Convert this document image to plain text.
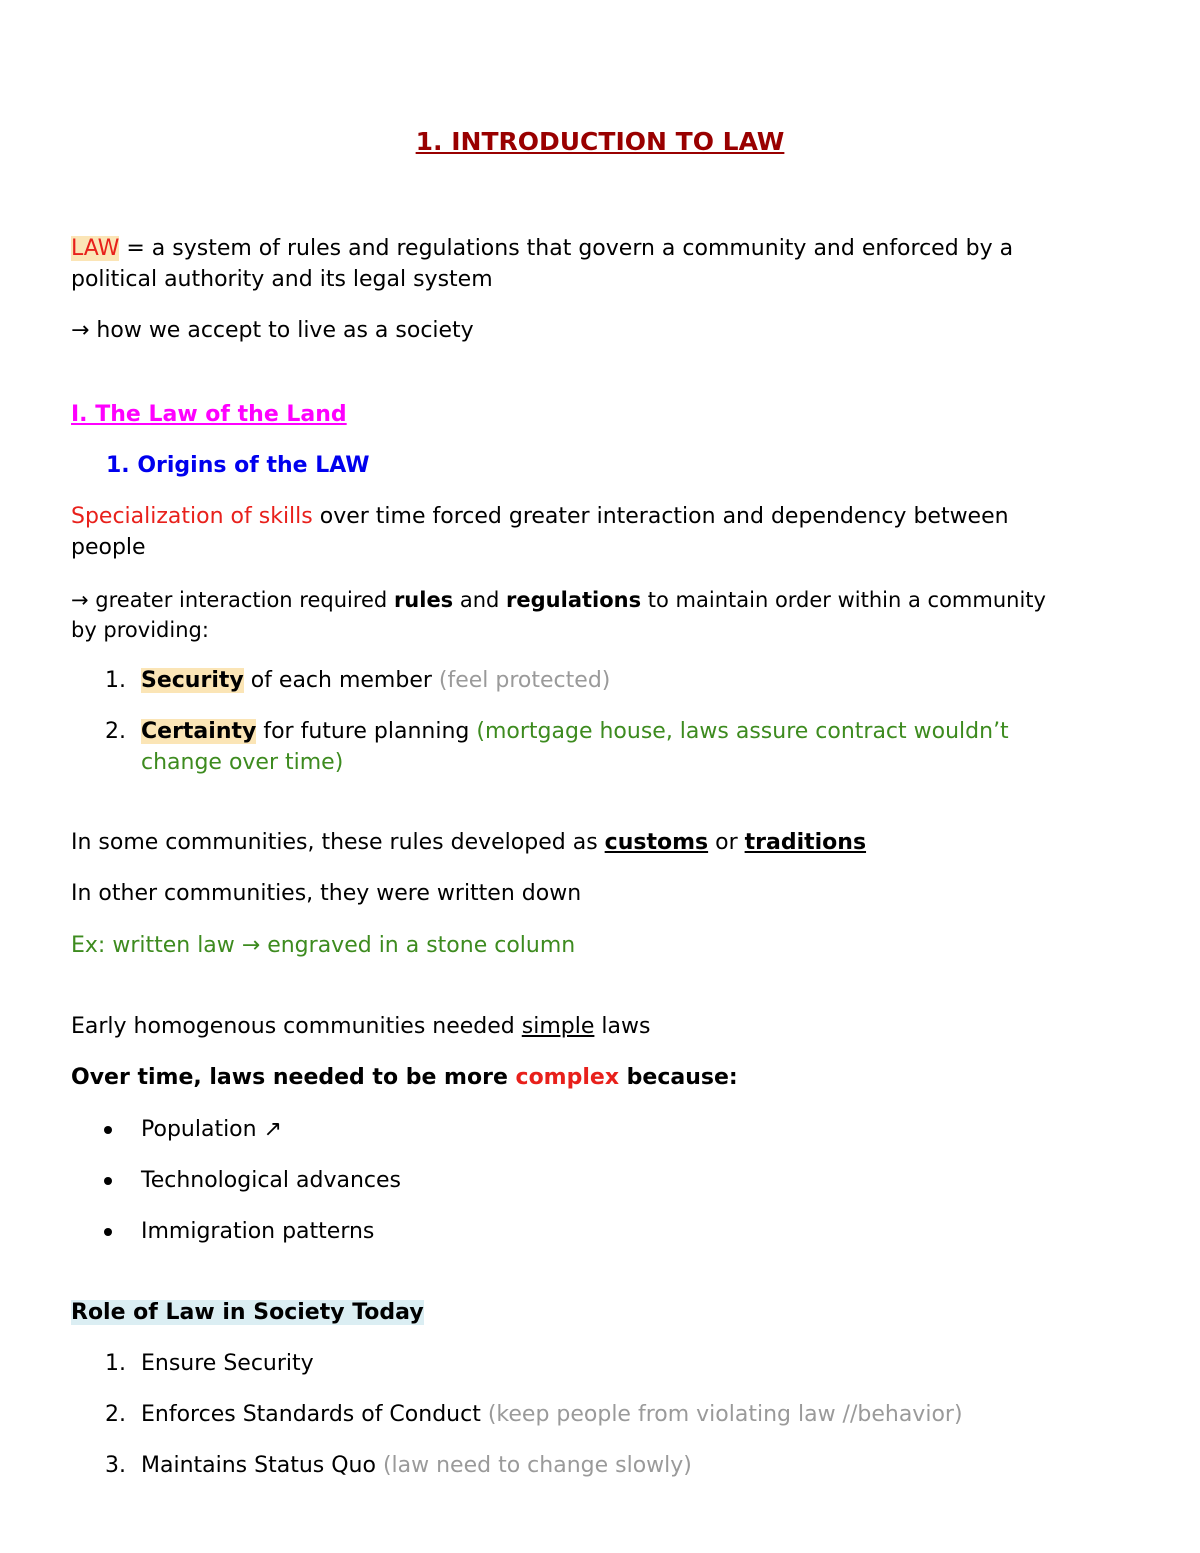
1. INTRODUCTION TO LAW
LAW = a system of rules and regulations that govern a community and enforced by a
political authority and its legal system
→ how we accept to live as a society
I. The Law of the Land
1. Origins of the LAW
Specialization of skills over time forced greater interaction and dependency between
people
→ greater interaction required rules and regulations to maintain order within a community
by providing:
1. Security of each member (feel protected)
2. Certainty for future planning (mortgage house, laws assure contract wouldn’t
change over time)
In some communities, these rules developed as customs or traditions
In other communities, they were written down
Ex: written law → engraved in a stone column
Early homogenous communities needed simple laws
Over time, laws needed to be more complex because:
Population ↗
Technological advances
Immigration patterns
Role of Law in Society Today
1. Ensure Security
2. Enforces Standards of Conduct (keep people from violating law //behavior)
3. Maintains Status Quo (law need to change slowly)
